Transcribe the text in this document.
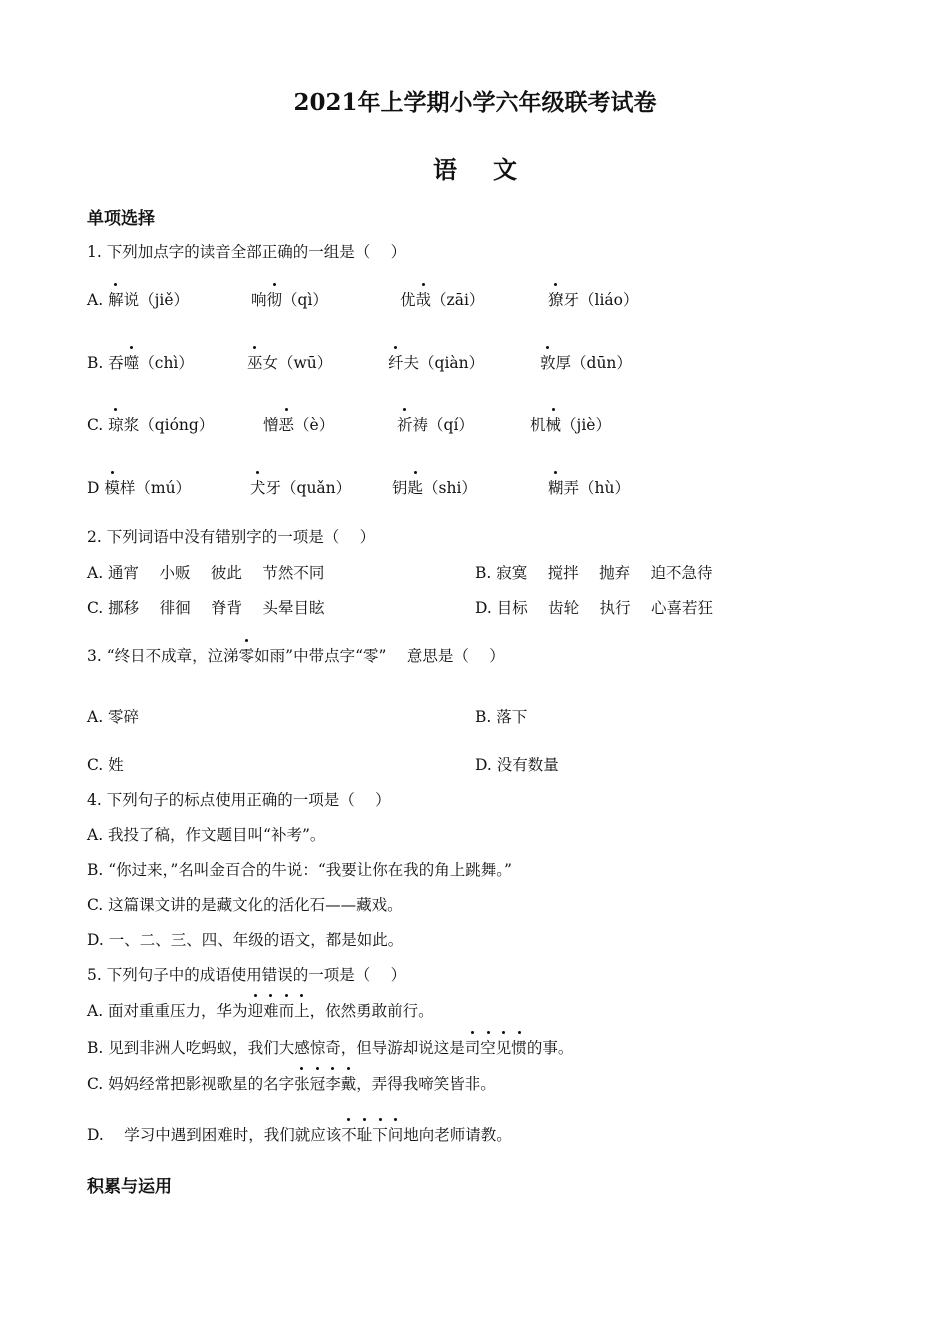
2021年上学期小学六年级联考试卷
语文
单项选择
1. 下列加点字的读音全部正确的一组是（　 ）
A. 解说（jiě）	响彻（qì）	优哉（zāi）	獠牙（liáo）
B. 吞噬（chì）	巫女（wū）	纤夫（qiàn）	敦厚（dūn）
C. 琼浆（qióng）	憎恶（è）	祈祷（qí）	机械（jiè）
D 模样（mú）	犬牙（quǎn）	钥匙（shi）	糊弄（hù）
2. 下列词语中没有错别字的一项是（　 ）
A. 通宵　 小贩　 彼此　 节然不同	B. 寂寞　 搅拌　 抛弃　 迫不急待
C. 挪移　 徘徊　 脊背　 头晕目眩	D. 目标　 齿轮　 执行　 心喜若狂
3. “终日不成章，泣涕零如雨”中带点字“零”　 意思是（　 ）
A. 零碎	B. 落下
C. 姓	D. 没有数量
4. 下列句子的标点使用正确的一项是（　 ）
A. 我投了稿，作文题目叫“补考”。
B. “你过来，”名叫金百合的牛说：“我要让你在我的角上跳舞。”
C. 这篇课文讲的是藏文化的活化石——藏戏。
D. 一、二、三、四、年级的语文，都是如此。
5. 下列句子中的成语使用错误的一项是（　 ）
A. 面对重重压力，华为迎难而上，依然勇敢前行。
B. 见到非洲人吃蚂蚁，我们大感惊奇，但导游却说这是司空见惯的事。
C. 妈妈经常把影视歌星的名字张冠李戴，弄得我啼笑皆非。
D.　 学习中遇到困难时，我们就应该不耻下问地向老师请教。
积累与运用
